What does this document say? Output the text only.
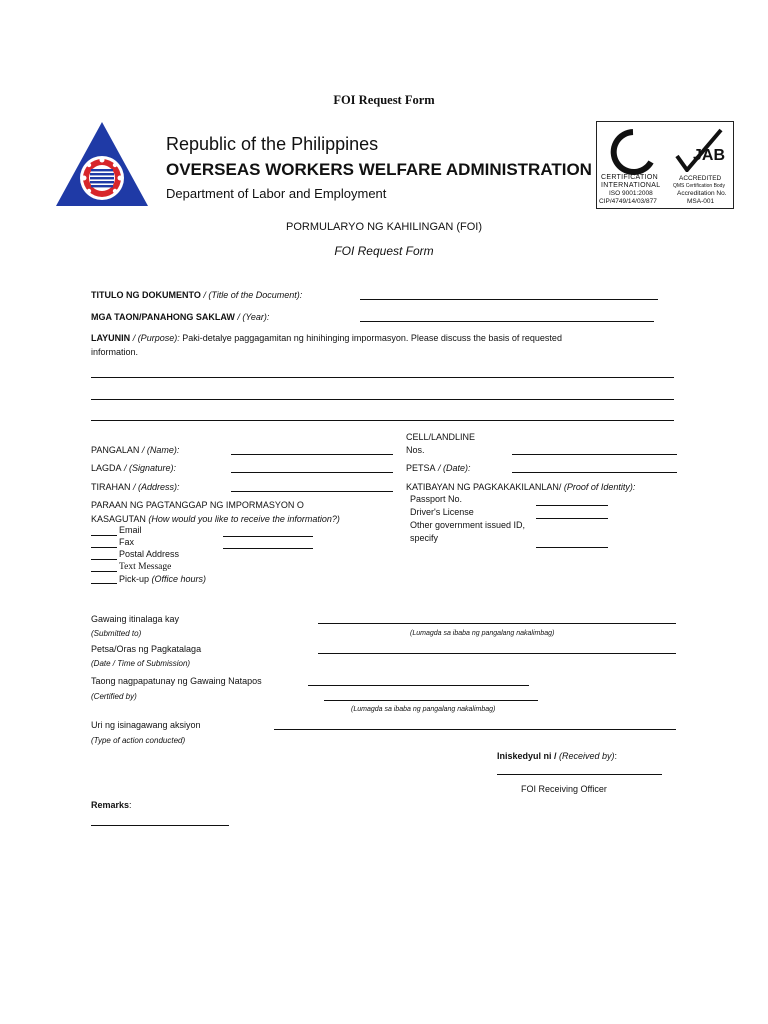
FOI Request Form
Republic of the Philippines
OVERSEAS WORKERS WELFARE ADMINISTRATION
Department of Labor and Employment
JAB
CERTIFICATION
INTERNATIONAL
ISO 9001:2008
CIP/4749/14/03/877
ACCREDITED
QMS Certification Body
Accreditation No.
MSA-001
PORMULARYO NG KAHILINGAN (FOI)
FOI Request Form
TITULO NG DOKUMENTO / (Title of the Document):
MGA TAON/PANAHONG SAKLAW / (Year):
LAYUNIN / (Purpose): Paki-detalye paggagamitan ng hinihinging impormasyon. Please discuss the basis of requested
information.
PANGALAN / (Name):
CELL/LANDLINE
Nos.
LAGDA / (Signature):	PETSA / (Date):
TIRAHAN / (Address):	KATIBAYAN NG PAGKAKAKILANLAN/ (Proof of Identity):
PARAAN NG PAGTANGGAP NG IMPORMASYON O
KASAGUTAN (How would you like to receive the information?)
Email
Fax
Postal Address
Text Message
Pick-up (Office hours)
Passport No.
Driver's License
Other government issued ID,
specify
Gawaing itinalaga kay
(Submitted to)	(Lumagda sa ibaba ng pangalang nakalimbag)
Petsa/Oras ng Pagkatalaga
(Date / Time of Submission)
Taong nagpapatunay ng Gawaing Natapos
(Certified by)
(Lumagda sa ibaba ng pangalang nakalimbag)
Uri ng isinagawang aksiyon
(Type of action conducted)
Iniskedyul ni / (Received by):
FOI Receiving Officer
Remarks:
